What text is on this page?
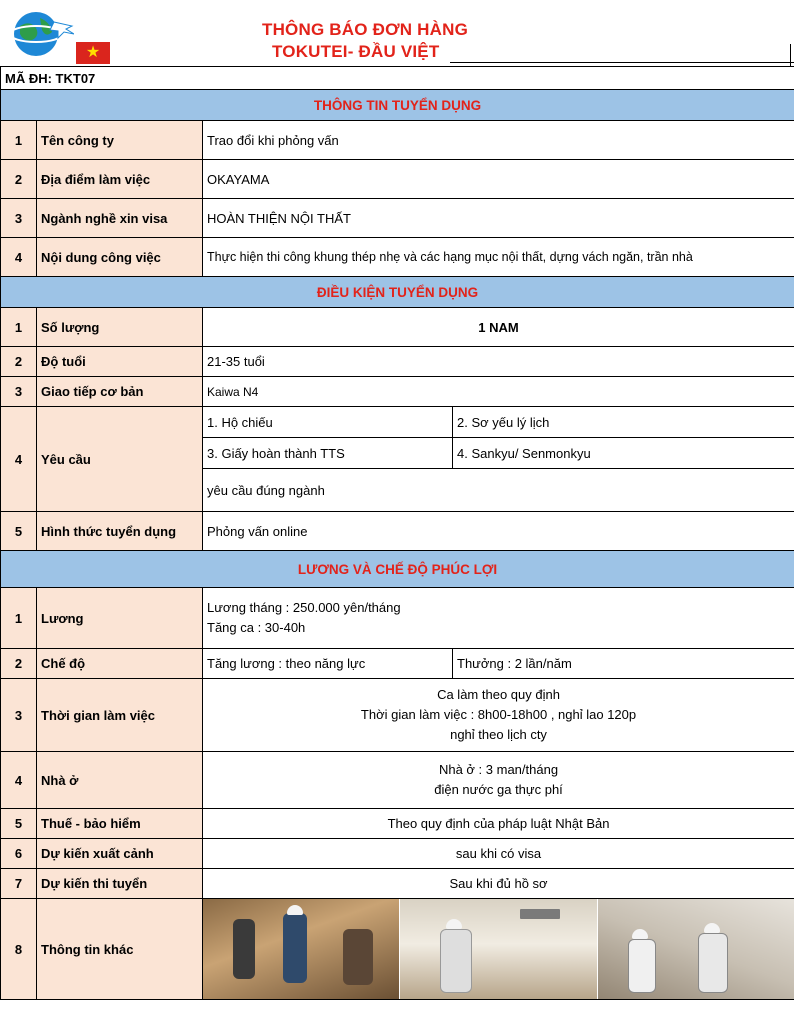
★
THÔNG BÁO ĐƠN HÀNG
TOKUTEI- ĐẦU VIỆT
MÃ ĐH: TKT07			
THÔNG TIN TUYỂN DỤNG			
1	Tên công ty	Trao đổi khi phỏng vấn	
2	Địa điểm làm việc	OKAYAMA	
3	Ngành nghề xin visa	HOÀN THIỆN NỘI THẤT	
4	Nội dung công việc	Thực hiện thi công khung thép nhẹ và các hạng mục nội thất, dựng vách ngăn, trần nhà	
ĐIỀU KIỆN TUYỂN DỤNG			
1	Số lượng	1 NAM	
2	Độ tuổi	21-35 tuổi	
3	Giao tiếp cơ bản	Kaiwa N4	
4	Yêu cầu	1. Hộ chiếu	2. Sơ yếu lý lịch
		3. Giấy hoàn thành TTS	4. Sankyu/ Senmonkyu
		yêu cầu đúng ngành	
5	Hình thức tuyển dụng	Phỏng vấn online	
LƯƠNG VÀ CHẾ ĐỘ PHÚC LỢI			
1	Lương	Lương tháng : 250.000 yên/tháng
Tăng ca : 30-40h	

2	Chế độ	Tăng lương : theo năng lực	Thưởng : 2 lần/năm
3	Thời gian làm việc	Ca làm theo quy định
Thời gian làm việc : 8h00-18h00 , nghỉ lao 120p
nghỉ theo lịch cty	

4	Nhà ở	Nhà ở : 3 man/tháng
điện nước ga thực phí	

5	Thuế - bảo hiểm	Theo quy định của pháp luật Nhật Bản	
6	Dự kiến xuất cảnh	sau khi có visa	
7	Dự kiến thi tuyển	Sau khi đủ hồ sơ	
8	Thông tin khác		
